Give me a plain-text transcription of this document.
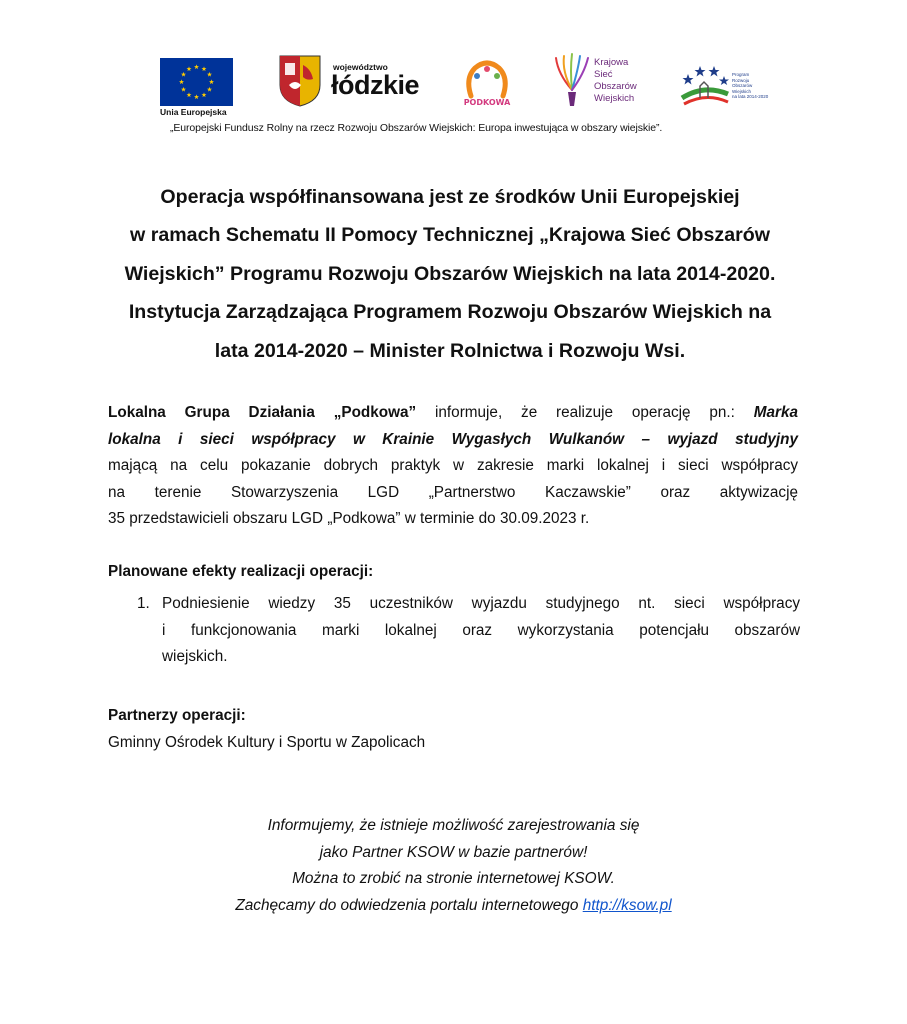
Unia Europejska
województwo
łódzkie
PODKOWA
Krajowa
Sieć
Obszarów
Wiejskich
Program
Rozwoju
Obszarów
Wiejskich
na lata 2014-2020
„Europejski Fundusz Rolny na rzecz Rozwoju Obszarów Wiejskich: Europa inwestująca w obszary wiejskie”.
Operacja współfinansowana jest ze środków Unii Europejskiej
w ramach Schematu II Pomocy Technicznej „Krajowa Sieć Obszarów
Wiejskich” Programu Rozwoju Obszarów Wiejskich na lata 2014-2020.
Instytucja Zarządzająca Programem Rozwoju Obszarów Wiejskich na
lata 2014-2020 – Minister Rolnictwa i Rozwoju Wsi.
Lokalna Grupa Działania „Podkowa” informuje, że realizuje operację pn.: Marka
lokalna i sieci współpracy w Krainie Wygasłych Wulkanów – wyjazd studyjny
mającą na celu pokazanie dobrych praktyk w zakresie marki lokalnej i sieci współpracy
na terenie Stowarzyszenia LGD „Partnerstwo Kaczawskie” oraz aktywizację
35 przedstawicieli obszaru LGD „Podkowa” w terminie do 30.09.2023 r.
Planowane efekty realizacji operacji:
1. Podniesienie wiedzy 35 uczestników wyjazdu studyjnego nt. sieci współpracy
i funkcjonowania marki lokalnej oraz wykorzystania potencjału obszarów
wiejskich.
Partnerzy operacji:
Gminny Ośrodek Kultury i Sportu w Zapolicach
Informujemy, że istnieje możliwość zarejestrowania się
jako Partner KSOW w bazie partnerów!
Można to zrobić na stronie internetowej KSOW.
Zachęcamy do odwiedzenia portalu internetowego http://ksow.pl
